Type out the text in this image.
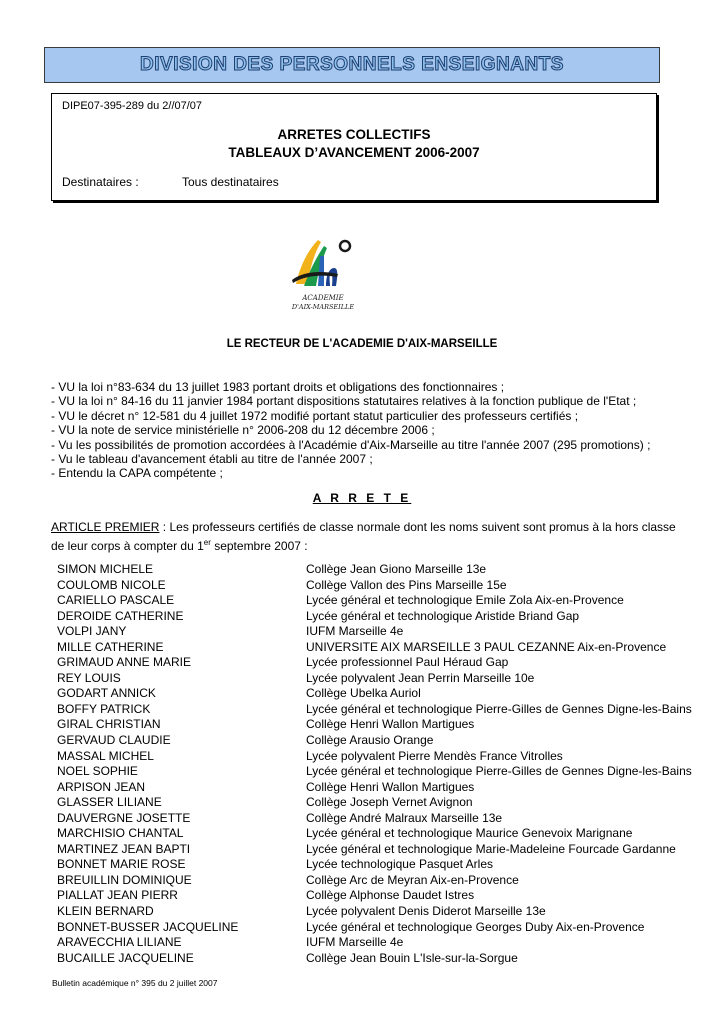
DIVISION DES PERSONNELS ENSEIGNANTS
DIPE07-395-289 du 2//07/07
ARRETES COLLECTIFS
TABLEAUX D’AVANCEMENT 2006-2007
Destinataires :	Tous destinataires
ACADEMIE
D'AIX-MARSEILLE
LE RECTEUR DE L'ACADEMIE D'AIX-MARSEILLE
- VU la loi n°83-634 du 13 juillet 1983 portant droits et obligations des fonctionnaires ;
- VU la loi n° 84-16 du 11 janvier 1984 portant dispositions statutaires relatives à la fonction publique de l'Etat ;
- VU le décret n° 12-581 du 4 juillet 1972 modifié portant statut particulier des professeurs certifiés ;
- VU la note de service ministérielle n° 2006-208 du 12 décembre 2006 ;
- Vu les possibilités de promotion accordées à l'Académie d'Aix-Marseille au titre l'année 2007 (295 promotions) ;
- Vu le tableau d'avancement établi au titre de l'année 2007 ;
- Entendu la CAPA compétente ;
A R R E T E
ARTICLE PREMIER : Les professeurs certifiés de classe normale dont les noms suivent sont promus à la hors classe de leur corps à compter du 1er septembre 2007 :
SIMON MICHELE	Collège Jean Giono Marseille 13e
COULOMB NICOLE	Collège Vallon des Pins Marseille 15e
CARIELLO PASCALE	Lycée général et technologique Emile Zola Aix-en-Provence
DEROIDE CATHERINE	Lycée général et technologique Aristide Briand Gap
VOLPI JANY	IUFM Marseille 4e
MILLE CATHERINE	UNIVERSITE AIX MARSEILLE 3 PAUL CEZANNE Aix-en-Provence
GRIMAUD ANNE MARIE	Lycée professionnel Paul Héraud Gap
REY LOUIS	Lycée polyvalent Jean Perrin Marseille 10e
GODART ANNICK	Collège Ubelka Auriol
BOFFY PATRICK	Lycée général et technologique Pierre-Gilles de Gennes Digne-les-Bains
GIRAL CHRISTIAN	Collège Henri Wallon Martigues
GERVAUD CLAUDIE	Collège Arausio Orange
MASSAL MICHEL	Lycée polyvalent Pierre Mendès France Vitrolles
NOEL SOPHIE	Lycée général et technologique Pierre-Gilles de Gennes Digne-les-Bains
ARPISON JEAN	Collège Henri Wallon Martigues
GLASSER LILIANE	Collège Joseph Vernet Avignon
DAUVERGNE JOSETTE	Collège André Malraux Marseille 13e
MARCHISIO CHANTAL	Lycée général et technologique Maurice Genevoix Marignane
MARTINEZ JEAN BAPTI	Lycée général et technologique Marie-Madeleine Fourcade Gardanne
BONNET MARIE ROSE	Lycée technologique Pasquet Arles
BREUILLIN DOMINIQUE	Collège Arc de Meyran Aix-en-Provence
PIALLAT JEAN PIERR	Collège Alphonse Daudet Istres
KLEIN BERNARD	Lycée polyvalent Denis Diderot Marseille 13e
BONNET-BUSSER JACQUELINE	Lycée général et technologique Georges Duby Aix-en-Provence
ARAVECCHIA LILIANE	IUFM Marseille 4e
BUCAILLE JACQUELINE	Collège Jean Bouin L'Isle-sur-la-Sorgue
Bulletin académique n° 395 du 2 juillet 2007
